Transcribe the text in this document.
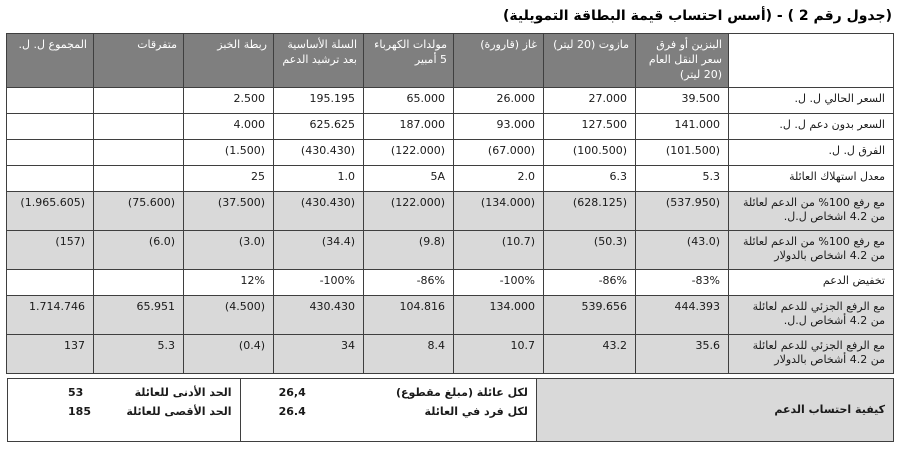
(جدول رقم 2 ) - (أسس احتساب قيمة البطاقة التمويلية)
	البنزين أو فرق سعر النقل العام (20 ليتر)	مازوت (20 ليتر)	غاز (قارورة)	مولدات الكهرباء 5 أمبير	السلة الأساسية بعد ترشيد الدعم	ربطة الخبز	متفرقات	المجموع ل. ل.
السعر الحالي ل. ل.	39.500	27.000	26.000	65.000	195.195	2.500		
السعر بدون دعم ل. ل.	141.000	127.500	93.000	187.000	625.625	4.000		
الفرق ل. ل.	(101.500)	(100.500)	(67.000)	(122.000)	(430.430)	(1.500)		
معدل استهلاك العائلة	5.3	6.3	2.0	5A	1.0	25		
مع رفع 100% من الدعم لعائلة من 4.2 اشخاص ل.ل.	(537.950)	(628.125)	(134.000)	(122.000)	(430.430)	(37.500)	(75.600)	(1.965.605)
مع رفع 100% من الدعم لعائلة من 4.2 اشخاص بالدولار	(43.0)	(50.3)	(10.7)	(9.8)	(34.4)	(3.0)	(6.0)	(157)
تخفيض الدعم	-83%	-86%	-100%	-86%	-100%	12%		
مع الرفع الجزئي للدعم لعائلة من 4.2 أشخاص ل.ل.	444.393	539.656	134.000	104.816	430.430	(4.500)	65.951	1.714.746
مع الرفع الجزئي للدعم لعائلة من 4.2 أشخاص بالدولار	35.6	43.2	10.7	8.4	34	(0.4)	5.3	137
كيفية احتساب الدعم
لكل عائلة (مبلغ مقطوع)
26,4
لكل فرد في العائلة
26.4
الحد الأدنى للعائلة
53
الحد الأقصى للعائلة
185
